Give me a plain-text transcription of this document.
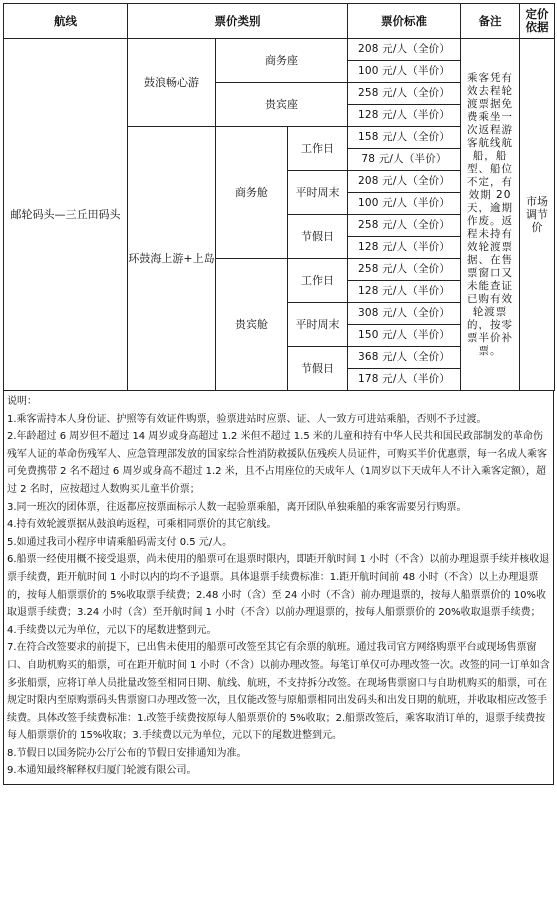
航线	票价类别			票价标准	备注	定价依据
邮轮码头—三丘田码头	鼓浪畅心游	商务座		208 元/人（全价）	乘客凭有效去程轮渡票据免费乘坐一次返程游客航线航船，船型、船位不定，有效期 20 天，逾期作废。返程未持有效轮渡票据、在售票窗口又未能查证已购有效轮渡票的，按零票半价补票。	市场调节价
				100 元/人（半价）		
		贵宾座		258 元/人（全价）		
				128 元/人（半价）		
	环鼓海上游+上岛	商务舱	工作日	158 元/人（全价）		
				78 元/人（半价）		
			平时周末	208 元/人（全价）		
				100 元/人（半价）		
			节假日	258 元/人（全价）		
				128 元/人（半价）		
		贵宾舱	工作日	258 元/人（全价）		
				128 元/人（半价）		
			平时周末	308 元/人（全价）		
				150 元/人（半价）		
			节假日	368 元/人（全价）		
				178 元/人（半价）		

说明：

1.乘客需持本人身份证、护照等有效证件购票，验票进站时应票、证、人一致方可进站乘船，否则不予过渡。

2.年龄超过 6 周岁但不超过 14 周岁或身高超过 1.2 米但不超过 1.5 米的儿童和持有中华人民共和国民政部制发的革命伤残军人证的革命伤残军人、应急管理部发放的国家综合性消防救援队伍残疾人员证件，可购买半价优惠票，每一名成人乘客可免费携带 2 名不超过 6 周岁或身高不超过 1.2 米，且不占用座位的天成年人（1周岁以下天成年人不计入乘客定额），超过 2 名时，应按超过人数购买儿童半价票；

3.同一班次的团体票，往返都应按票面标示人数一起验票乘船，离开团队单独乘船的乘客需要另行购票。

4.持有效轮渡票据从鼓浪屿返程，可乘相同票价的其它航线。

5.如通过我司小程序申请乘船码需支付 0.5 元/人。

6.船票一经使用概不接受退票，尚未使用的船票可在退票时限内，即距开航时间 1 小时（不含）以前办理退票手续并核收退票手续费，距开航时间 1 小时以内的均不予退票。具体退票手续费标准：1.距开航时间前 48 小时（不含）以上办理退票的，按每人船票票价的 5%收取票手续费；2.48 小时（含）至 24 小时（不含）前办理退票的，按每人船票票价的 10%收取退票手续费；3.24 小时（含）至开航时间 1 小时（不含）以前办理退票的，按每人船票票价的 20%收取退票手续费；4.手续费以元为单位，元以下的尾数进整到元。

7.在符合改签要求的前提下，已出售未使用的船票可改签至其它有余票的航班。通过我司官方网络购票平台或现场售票窗口、自助机购买的船票，可在距开航时间 1 小时（不含）以前办理改签。每笔订单仅可办理改签一次。改签的同一订单如含多张船票，应将订单人员批量改签至相同日期、航线、航班，不支持拆分改签。在现场售票窗口与自助机购买的船票，可在规定时限内至原购票码头售票窗口办理改签一次，且仅能改签与原船票相同出发码头和出发日期的航班，并收取相应改签手续费。具体改签手续费标准：1.改签手续费按原每人船票票价的 5%收取；2.船票改签后，乘客取消订单的，退票手续费按每人船票票价的 15%收取；3.手续费以元为单位，元以下的尾数进整到元。

8.节假日以国务院办公厅公布的节假日安排通知为准。

9.本通知最终解释权归厦门轮渡有限公司。
